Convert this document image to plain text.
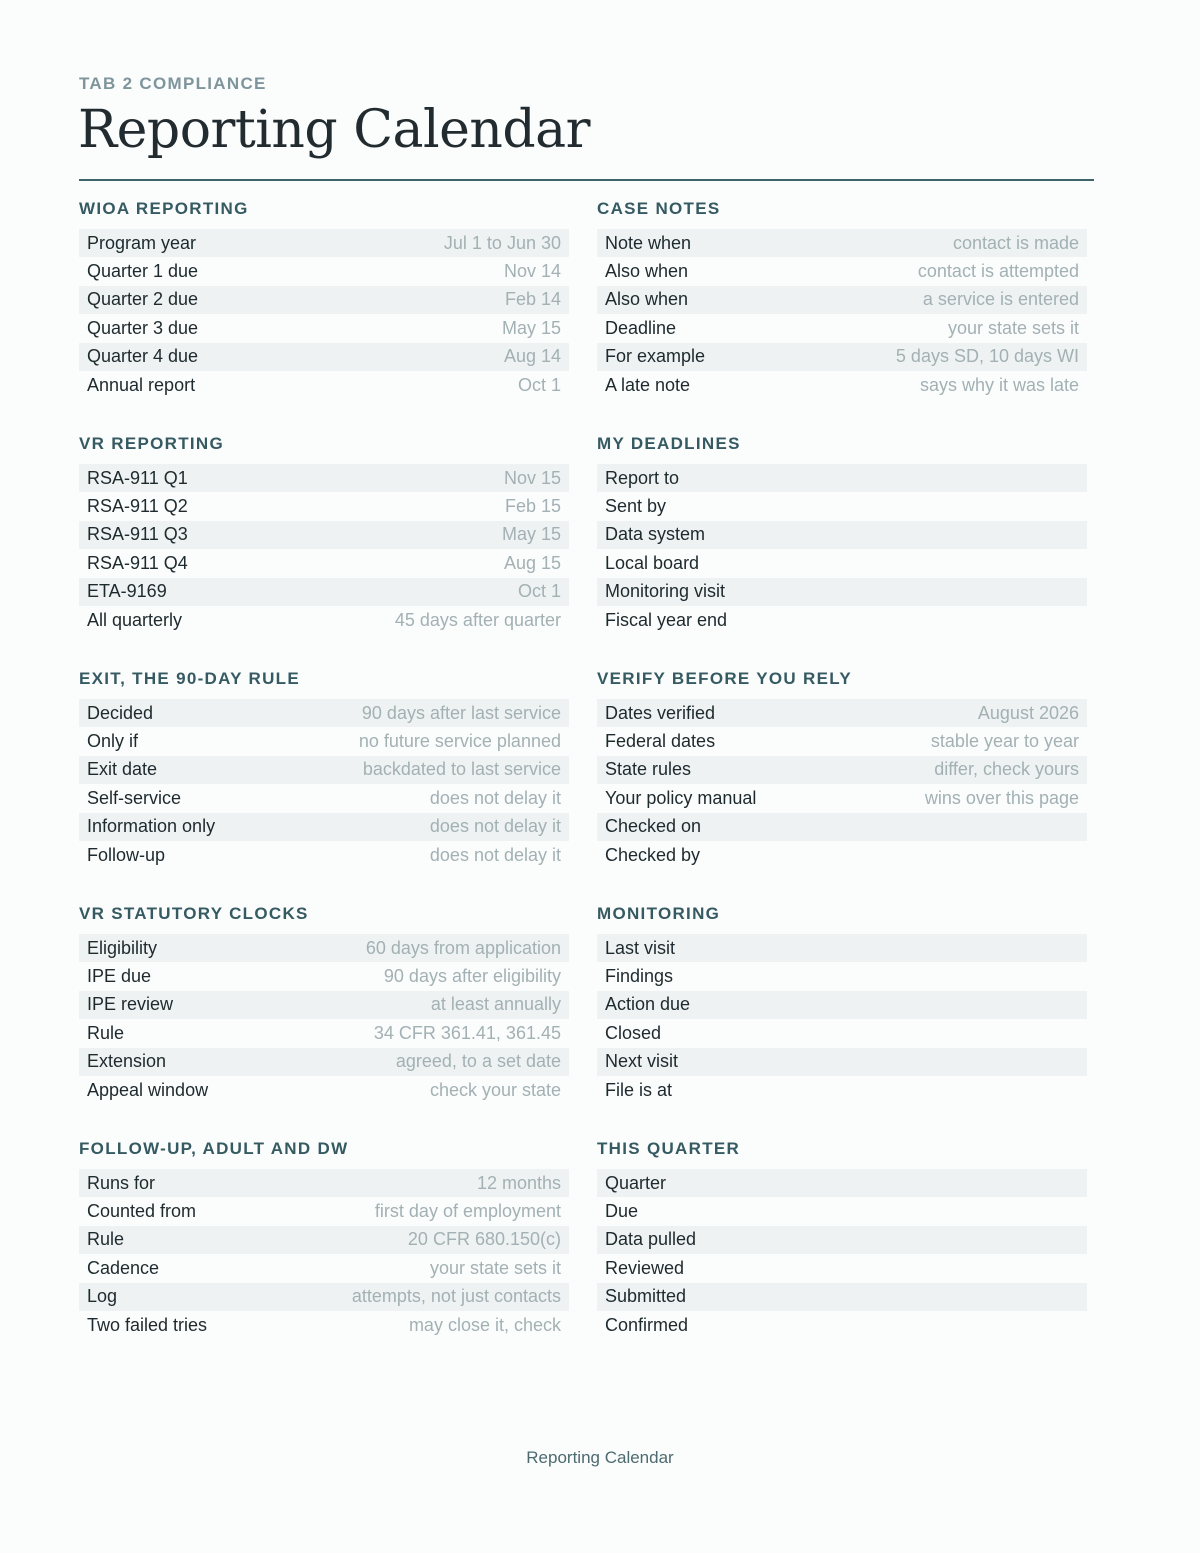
TAB 2 COMPLIANCE
Reporting Calendar
WIOA REPORTING
Program year	Jul 1 to Jun 30
Quarter 1 due	Nov 14
Quarter 2 due	Feb 14
Quarter 3 due	May 15
Quarter 4 due	Aug 14
Annual report	Oct 1
CASE NOTES
Note when	contact is made
Also when	contact is attempted
Also when	a service is entered
Deadline	your state sets it
For example	5 days SD, 10 days WI
A late note	says why it was late
VR REPORTING
RSA-911 Q1	Nov 15
RSA-911 Q2	Feb 15
RSA-911 Q3	May 15
RSA-911 Q4	Aug 15
ETA-9169	Oct 1
All quarterly	45 days after quarter
MY DEADLINES
Report to
Sent by
Data system
Local board
Monitoring visit
Fiscal year end
EXIT, THE 90-DAY RULE
Decided	90 days after last service
Only if	no future service planned
Exit date	backdated to last service
Self-service	does not delay it
Information only	does not delay it
Follow-up	does not delay it
VERIFY BEFORE YOU RELY
Dates verified	August 2026
Federal dates	stable year to year
State rules	differ, check yours
Your policy manual	wins over this page
Checked on
Checked by
VR STATUTORY CLOCKS
Eligibility	60 days from application
IPE due	90 days after eligibility
IPE review	at least annually
Rule	34 CFR 361.41, 361.45
Extension	agreed, to a set date
Appeal window	check your state
MONITORING
Last visit
Findings
Action due
Closed
Next visit
File is at
FOLLOW-UP, ADULT AND DW
Runs for	12 months
Counted from	first day of employment
Rule	20 CFR 680.150(c)
Cadence	your state sets it
Log	attempts, not just contacts
Two failed tries	may close it, check
THIS QUARTER
Quarter
Due
Data pulled
Reviewed
Submitted
Confirmed
Reporting Calendar
